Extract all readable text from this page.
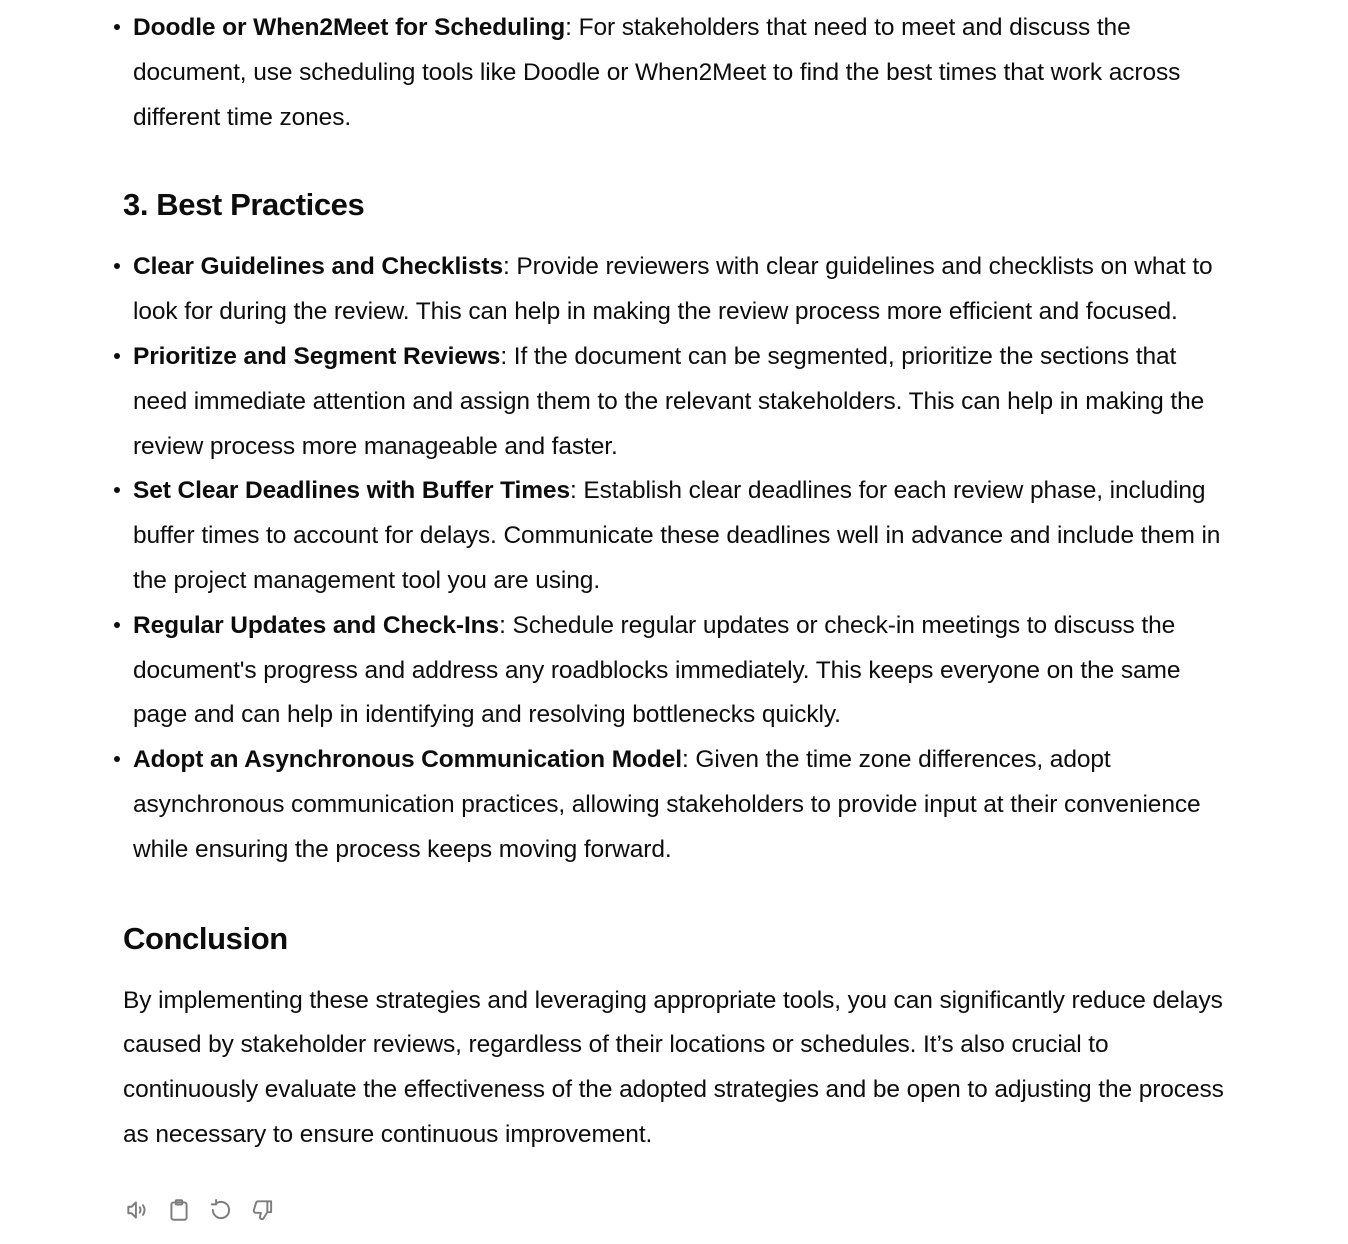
Doodle or When2Meet for Scheduling: For stakeholders that need to meet and discuss the document, use scheduling tools like Doodle or When2Meet to find the best times that work across different time zones.
3. Best Practices
Clear Guidelines and Checklists: Provide reviewers with clear guidelines and checklists on what to look for during the review. This can help in making the review process more efficient and focused.
Prioritize and Segment Reviews: If the document can be segmented, prioritize the sections that need immediate attention and assign them to the relevant stakeholders. This can help in making the review process more manageable and faster.
Set Clear Deadlines with Buffer Times: Establish clear deadlines for each review phase, including buffer times to account for delays. Communicate these deadlines well in advance and include them in the project management tool you are using.
Regular Updates and Check-Ins: Schedule regular updates or check-in meetings to discuss the document's progress and address any roadblocks immediately. This keeps everyone on the same page and can help in identifying and resolving bottlenecks quickly.
Adopt an Asynchronous Communication Model: Given the time zone differences, adopt asynchronous communication practices, allowing stakeholders to provide input at their convenience while ensuring the process keeps moving forward.
Conclusion

By implementing these strategies and leveraging appropriate tools, you can significantly reduce delays caused by stakeholder reviews, regardless of their locations or schedules. It’s also crucial to continuously evaluate the effectiveness of the adopted strategies and be open to adjusting the process as necessary to ensure continuous improvement.
